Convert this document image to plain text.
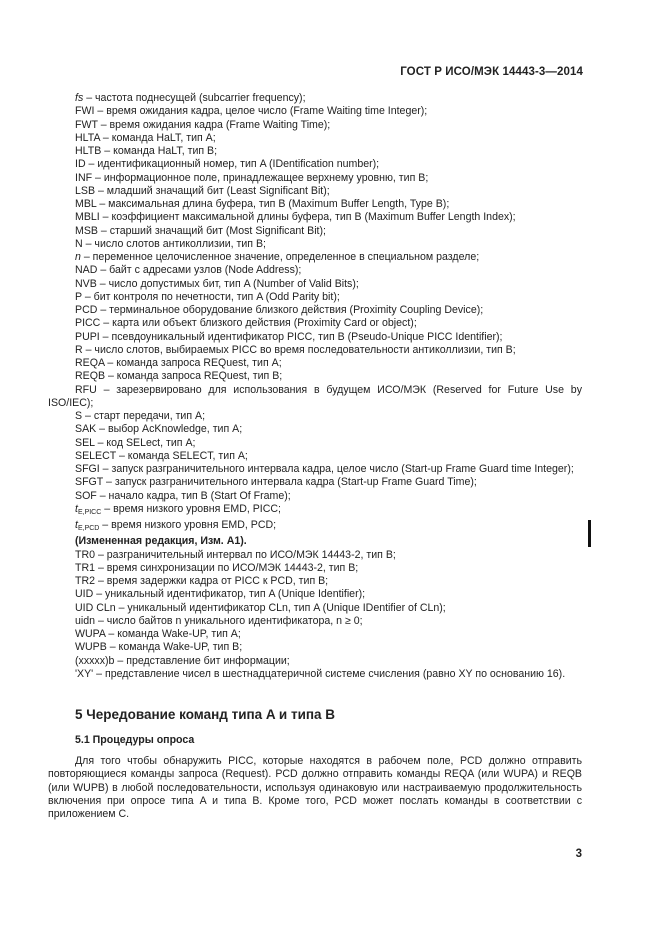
ГОСТ Р ИСО/МЭК 14443-3—2014
fs – частота поднесущей (subcarrier frequency);
FWI – время ожидания кадра, целое число (Frame Waiting time Integer);
FWT – время ожидания кадра (Frame Waiting Time);
HLTA – команда HaLT, тип A;
HLTB – команда HaLT, тип B;
ID – идентификационный номер, тип A (IDentification number);
INF – информационное поле, принадлежащее верхнему уровню, тип B;
LSB – младший значащий бит (Least Significant Bit);
MBL – максимальная длина буфера, тип B (Maximum Buffer Length, Type B);
MBLI – коэффициент максимальной длины буфера, тип B (Maximum Buffer Length Index);
MSB – старший значащий бит (Most Significant Bit);
N – число слотов антиколлизии, тип B;
n – переменное целочисленное значение, определенное в специальном разделе;
NAD – байт с адресами узлов (Node Address);
NVB – число допустимых бит, тип A (Number of Valid Bits);
P – бит контроля по нечетности, тип A (Odd Parity bit);
PCD – терминальное оборудование близкого действия (Proximity Coupling Device);
PICC – карта или объект близкого действия (Proximity Card or object);
PUPI – псевдоуникальный идентификатор PICC, тип B (Pseudo-Unique PICC Identifier);
R – число слотов, выбираемых PICC во время последовательности антиколлизии, тип B;
REQA – команда запроса REQuest, тип A;
REQB – команда запроса REQuest, тип B;
RFU – зарезервировано для использования в будущем ИСО/МЭК (Reserved for Future Use by ISO/IEC);
S – старт передачи, тип A;
SAK – выбор AcKnowledge, тип A;
SEL – код SELect, тип A;
SELECT – команда SELECT, тип A;
SFGI – запуск разграничительного интервала кадра, целое число (Start-up Frame Guard time Integer);
SFGT – запуск разграничительного интервала кадра (Start-up Frame Guard Time);
SOF – начало кадра, тип B (Start Of Frame);
$t_{E,PICC}$ – время низкого уровня EMD, PICC;
$t_{E,PCD}$ – время низкого уровня EMD, PCD;
(Измененная редакция, Изм. A1).
TR0 – разграничительный интервал по ИСО/МЭК 14443-2, тип B;
TR1 – время синхронизации по ИСО/МЭК 14443-2, тип B;
TR2 – время задержки кадра от PICC к PCD, тип B;
UID – уникальный идентификатор, тип A (Unique Identifier);
UID CLn – уникальный идентификатор CLn, тип A (Unique IDentifier of CLn);
uidn – число байтов n уникального идентификатора, n ≥ 0;
WUPA – команда Wake-UP, тип A;
WUPB – команда Wake-UP, тип B;
(xxxxx)b – представление бит информации;
'XY' – представление чисел в шестнадцатеричной системе счисления (равно XY по основанию 16).
5 Чередование команд типа A и типа B
5.1 Процедуры опроса
Для того чтобы обнаружить PICC, которые находятся в рабочем поле, PCD должно отправить повторяющиеся команды запроса (Request). PCD должно отправить команды REQA (или WUPA) и REQB (или WUPB) в любой последовательности, используя одинаковую или настраиваемую продолжительность включения при опросе типа A и типа B. Кроме того, PCD может послать команды в соответствии с приложением C.
3
